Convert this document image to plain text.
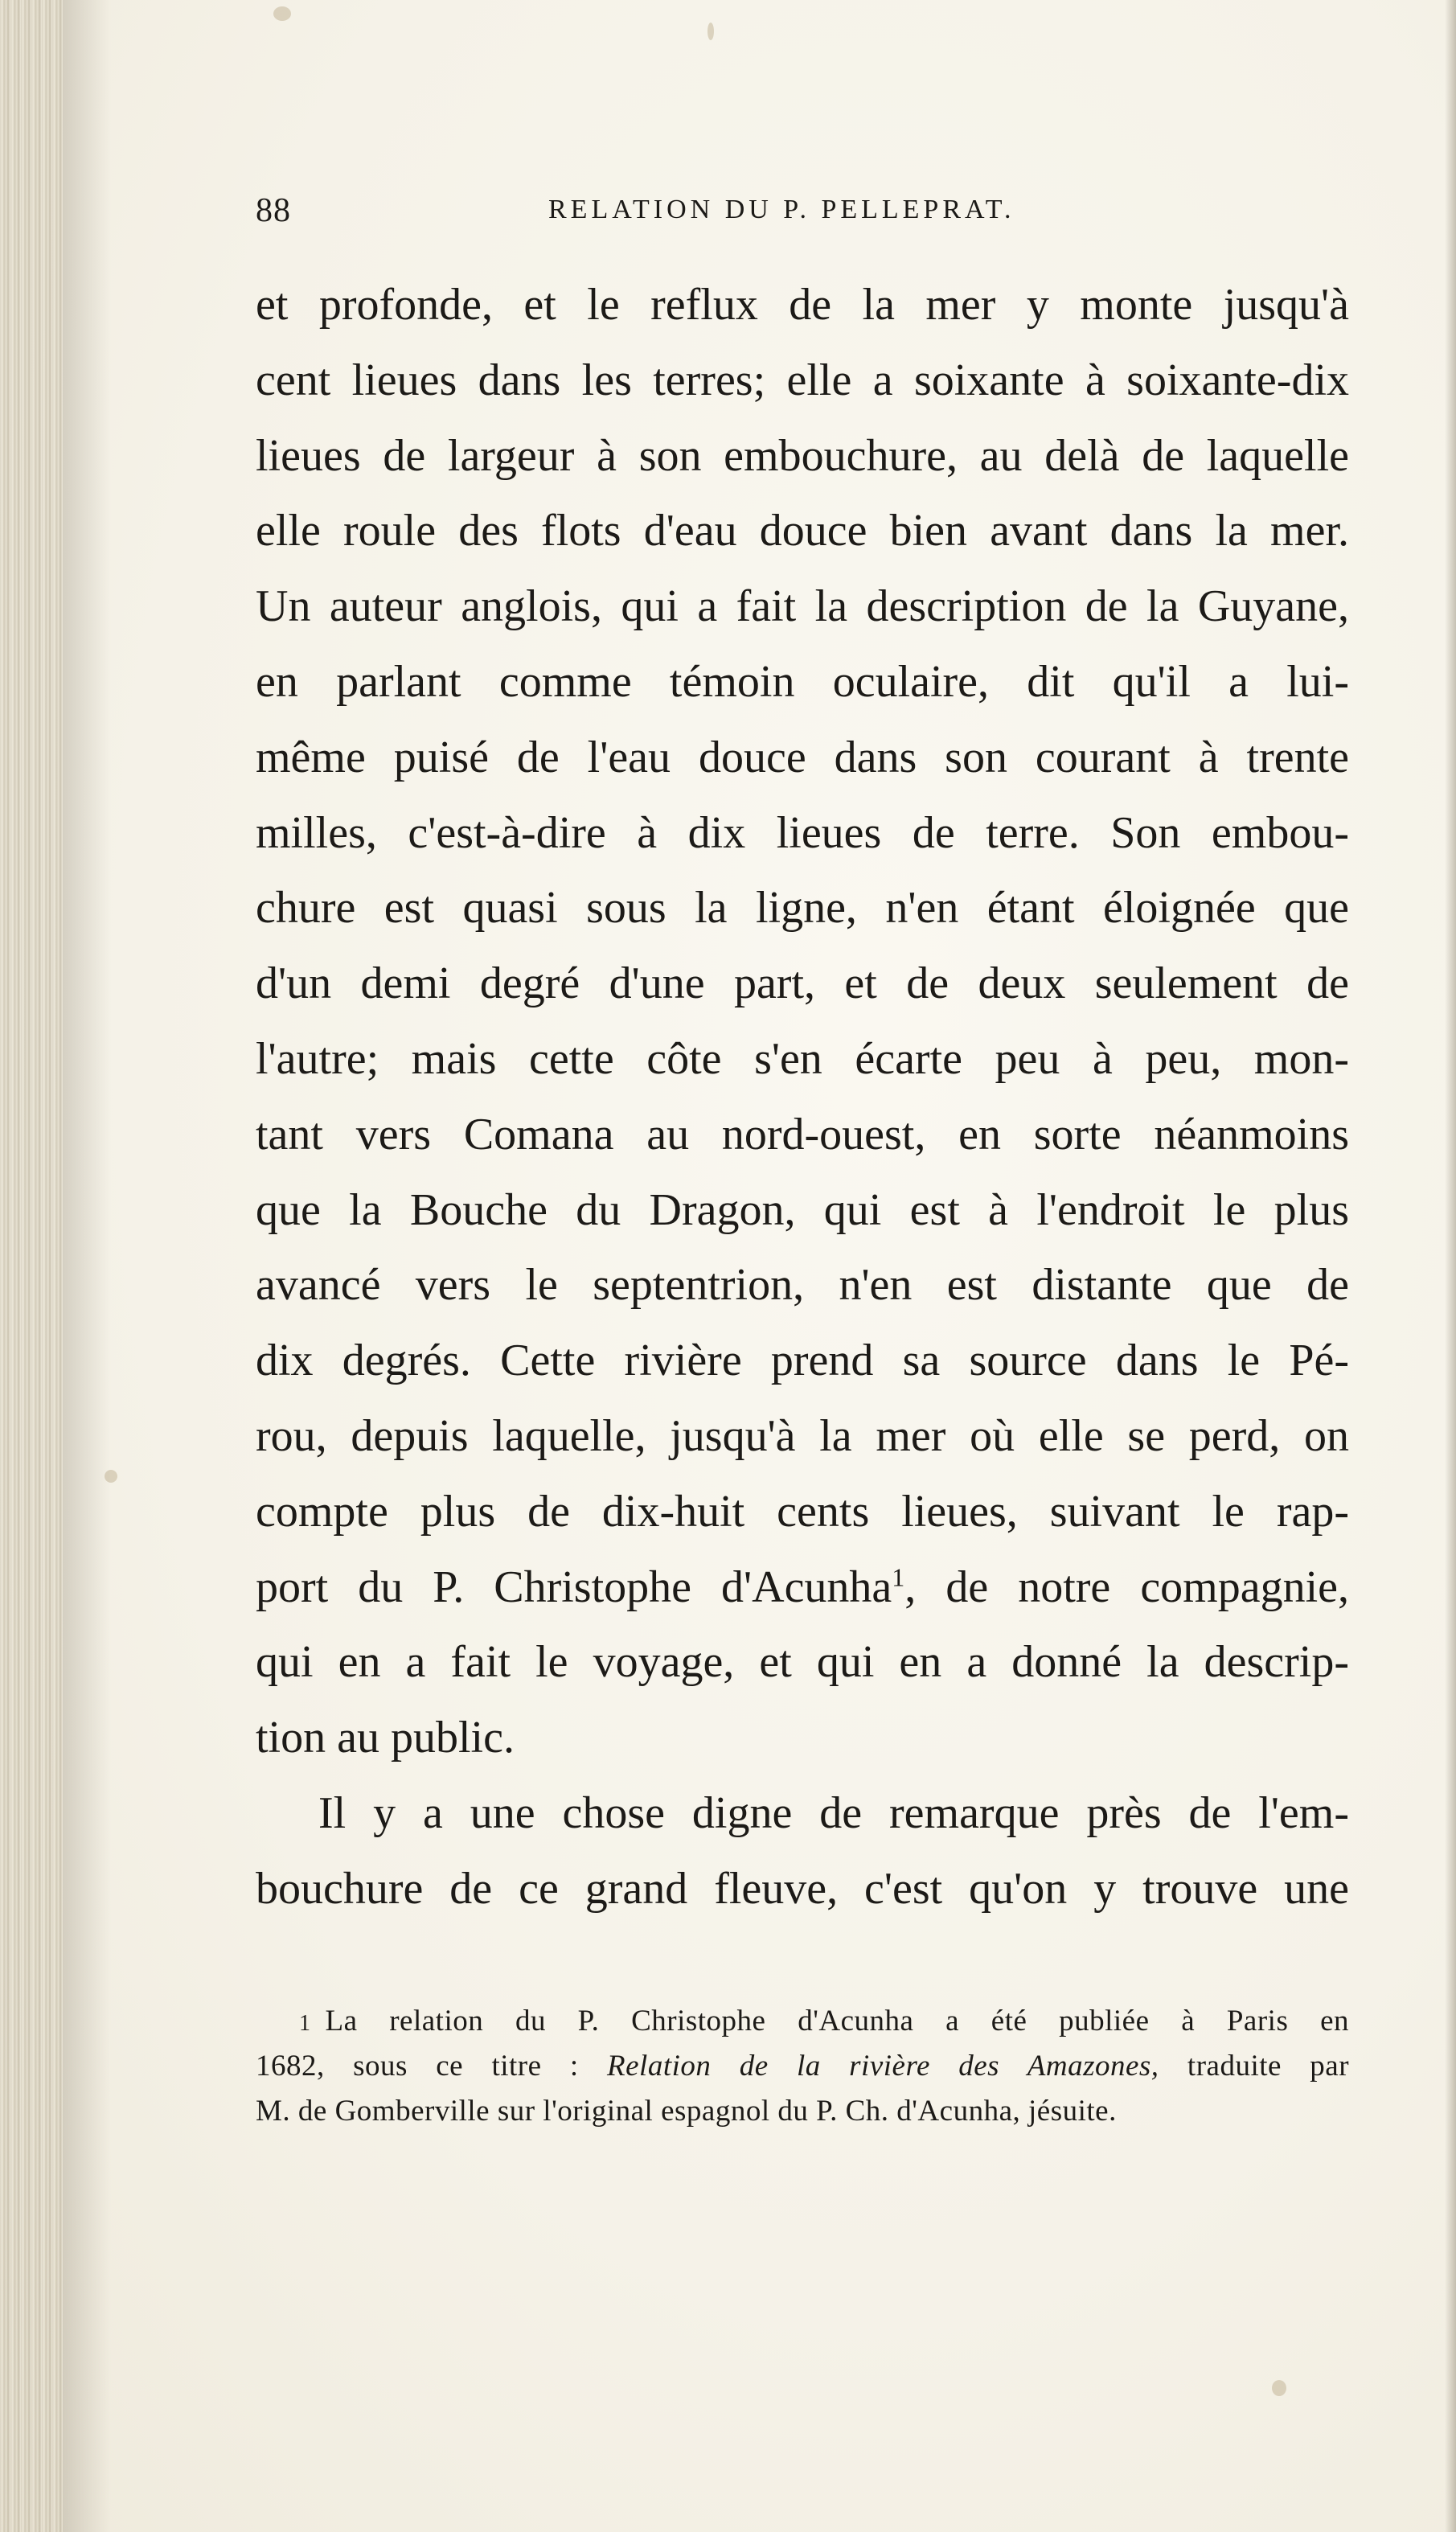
88	RELATION DU P. PELLEPRAT.
et profonde, et le reflux de la mer y monte jusqu'à
cent lieues dans les terres; elle a soixante à soixante-dix
lieues de largeur à son embouchure, au delà de laquelle
elle roule des flots d'eau douce bien avant dans la mer.
Un auteur anglois, qui a fait la description de la Guyane,
en parlant comme témoin oculaire, dit qu'il a lui-
même puisé de l'eau douce dans son courant à trente
milles, c'est-à-dire à dix lieues de terre. Son embou-
chure est quasi sous la ligne, n'en étant éloignée que
d'un demi degré d'une part, et de deux seulement de
l'autre; mais cette côte s'en écarte peu à peu, mon-
tant vers Comana au nord-ouest, en sorte néanmoins
que la Bouche du Dragon, qui est à l'endroit le plus
avancé vers le septentrion, n'en est distante que de
dix degrés. Cette rivière prend sa source dans le Pé-
rou, depuis laquelle, jusqu'à la mer où elle se perd, on
compte plus de dix-huit cents lieues, suivant le rap-
port du P. Christophe d'Acunha$^1$, de notre compagnie,
qui en a fait le voyage, et qui en a donné la descrip-
tion au public.
Il y a une chose digne de remarque près de l'em-
bouchure de ce grand fleuve, c'est qu'on y trouve une
1 La relation du P. Christophe d'Acunha a été publiée à Paris en
1682, sous ce titre : Relation de la rivière des Amazones, traduite par
M. de Gomberville sur l'original espagnol du P. Ch. d'Acunha, jésuite.
